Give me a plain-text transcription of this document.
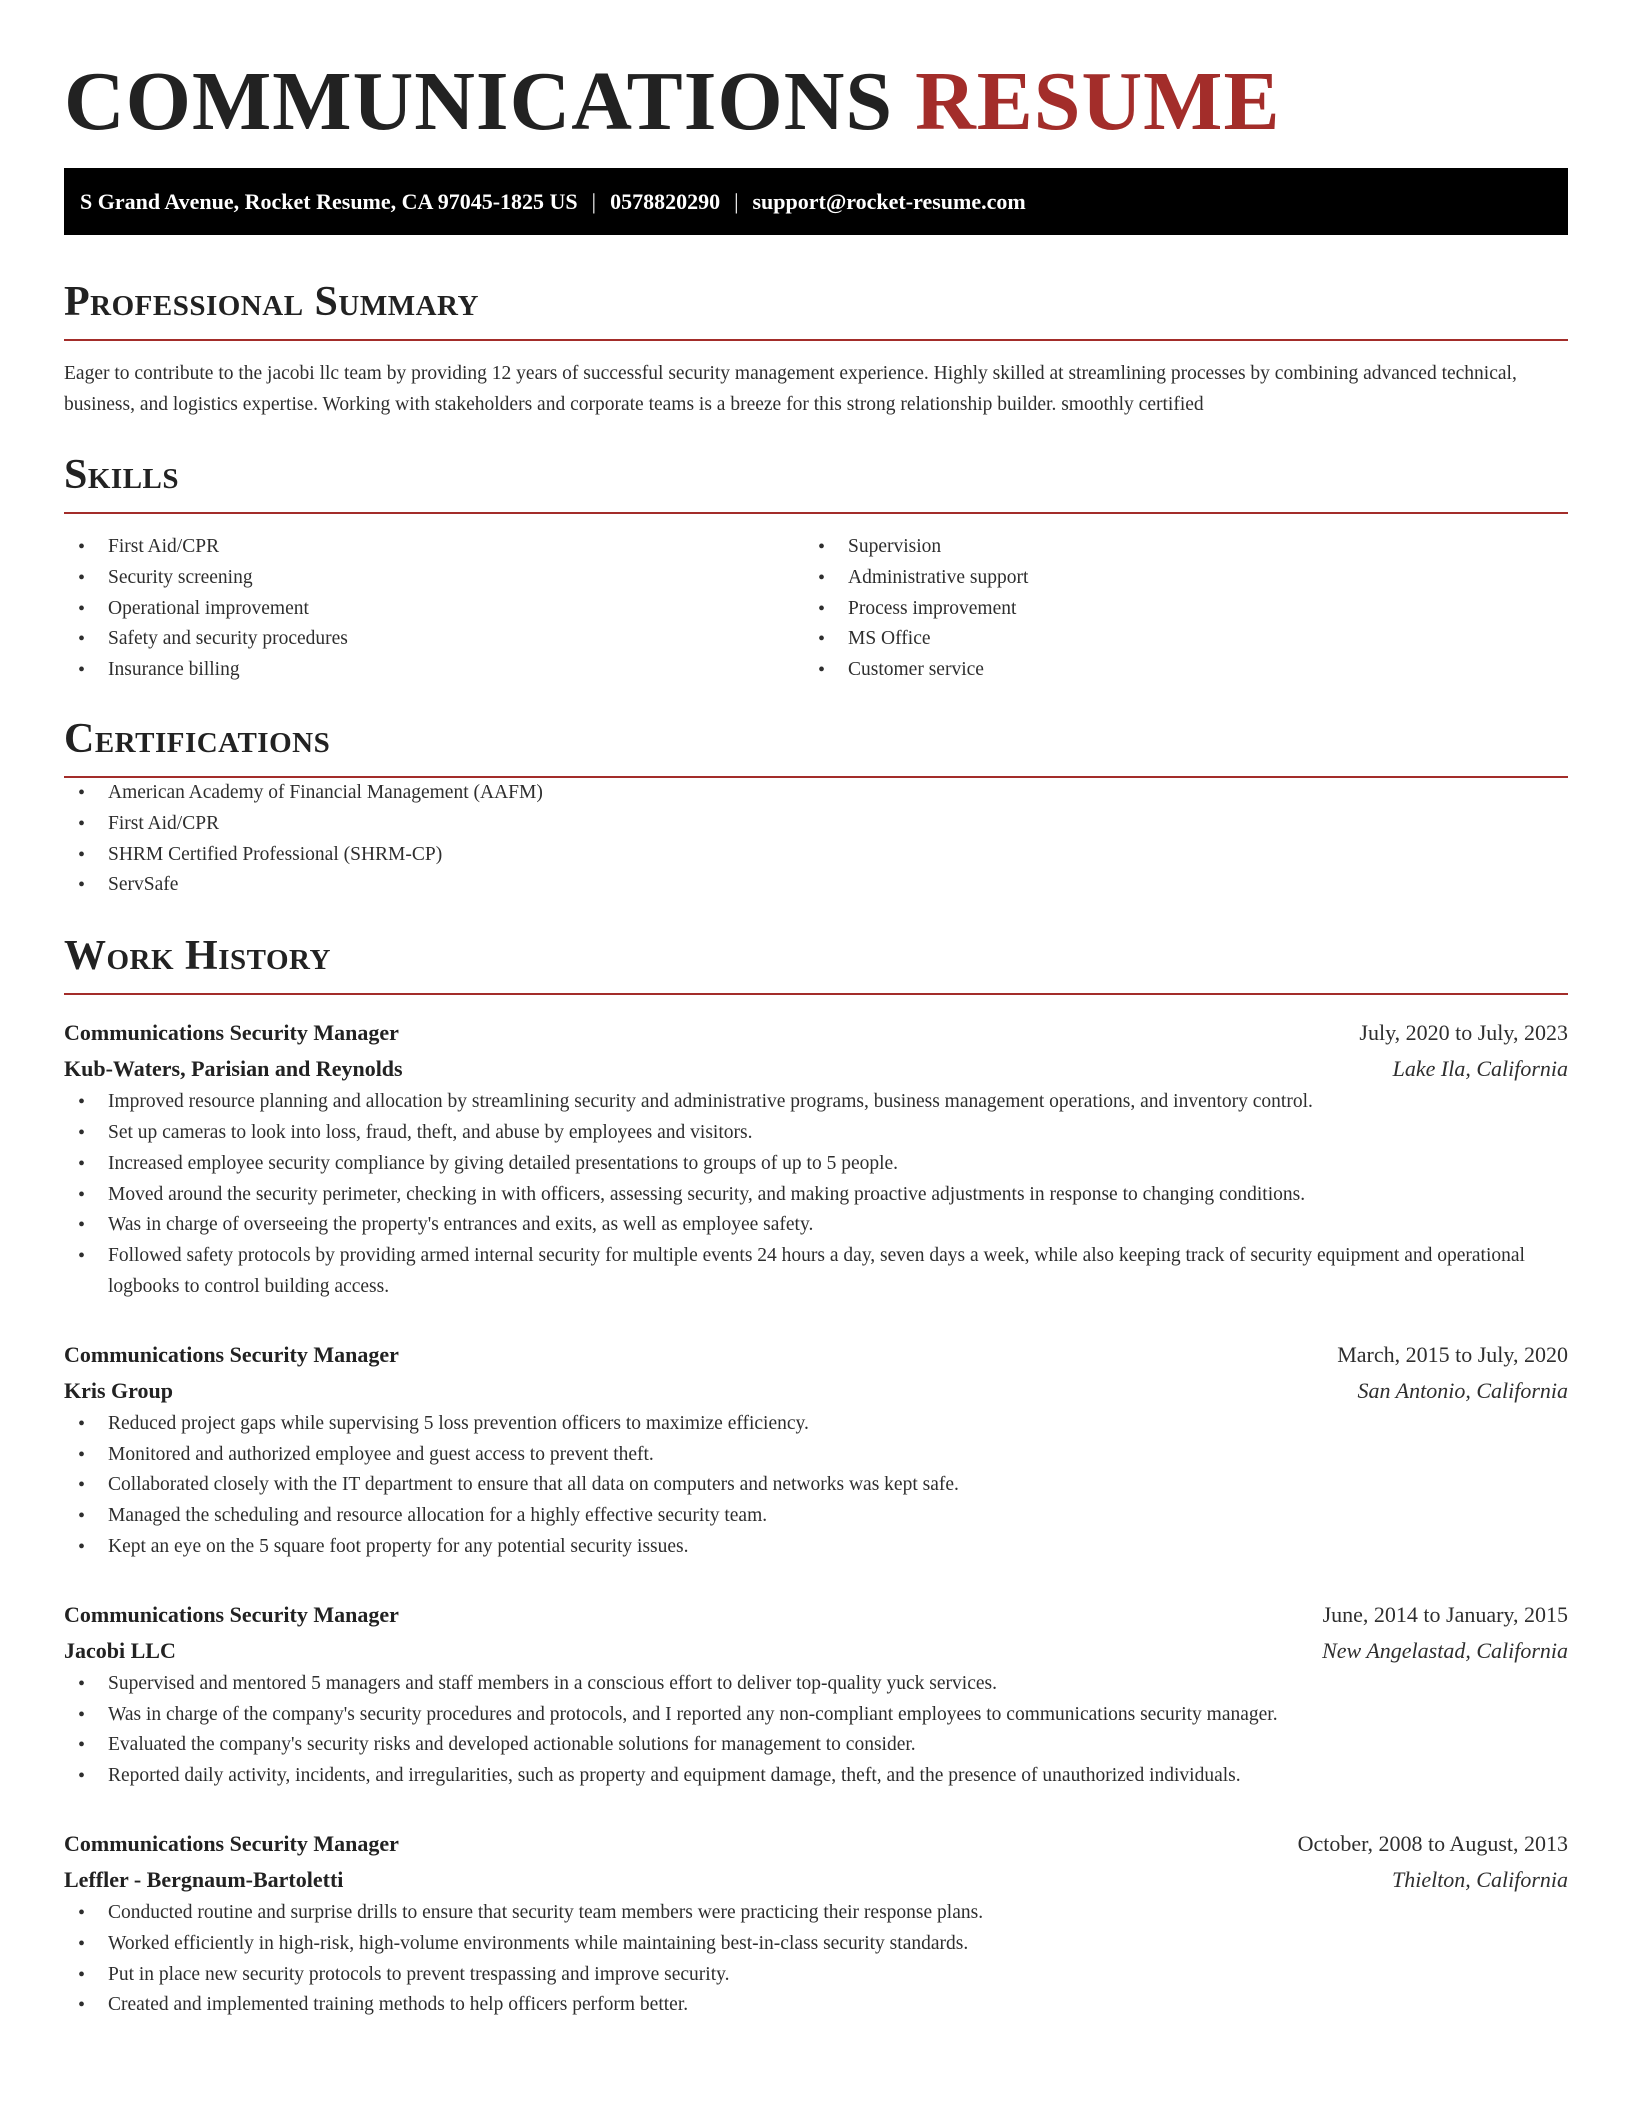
COMMUNICATIONS RESUME
S Grand Avenue, Rocket Resume, CA 97045-1825 US | 0578820290 | support@rocket-resume.com
Professional Summary

Eager to contribute to the jacobi llc team by providing 12 years of successful security management experience. Highly skilled at streamlining processes by combining advanced technical, business, and logistics expertise. Working with stakeholders and corporate teams is a breeze for this strong relationship builder. smoothly certified

Skills
• First Aid/CPR
• Security screening
• Operational improvement
• Safety and security procedures
• Insurance billing
• Supervision
• Administrative support
• Process improvement
• MS Office
• Customer service
Certifications
• American Academy of Financial Management (AAFM)
• First Aid/CPR
• SHRM Certified Professional (SHRM-CP)
• ServSafe
Work History
Communications Security Manager	July, 2020 to July, 2023
Kub-Waters, Parisian and Reynolds	Lake Ila, California
• Improved resource planning and allocation by streamlining security and administrative programs, business management operations, and inventory control.
• Set up cameras to look into loss, fraud, theft, and abuse by employees and visitors.
• Increased employee security compliance by giving detailed presentations to groups of up to 5 people.
• Moved around the security perimeter, checking in with officers, assessing security, and making proactive adjustments in response to changing conditions.
• Was in charge of overseeing the property's entrances and exits, as well as employee safety.
• Followed safety protocols by providing armed internal security for multiple events 24 hours a day, seven days a week, while also keeping track of security equipment and operational logbooks to control building access.
Communications Security Manager	March, 2015 to July, 2020
Kris Group	San Antonio, California
• Reduced project gaps while supervising 5 loss prevention officers to maximize efficiency.
• Monitored and authorized employee and guest access to prevent theft.
• Collaborated closely with the IT department to ensure that all data on computers and networks was kept safe.
• Managed the scheduling and resource allocation for a highly effective security team.
• Kept an eye on the 5 square foot property for any potential security issues.
Communications Security Manager	June, 2014 to January, 2015
Jacobi LLC	New Angelastad, California
• Supervised and mentored 5 managers and staff members in a conscious effort to deliver top-quality yuck services.
• Was in charge of the company's security procedures and protocols, and I reported any non-compliant employees to communications security manager.
• Evaluated the company's security risks and developed actionable solutions for management to consider.
• Reported daily activity, incidents, and irregularities, such as property and equipment damage, theft, and the presence of unauthorized individuals.
Communications Security Manager	October, 2008 to August, 2013
Leffler - Bergnaum-Bartoletti	Thielton, California
• Conducted routine and surprise drills to ensure that security team members were practicing their response plans.
• Worked efficiently in high-risk, high-volume environments while maintaining best-in-class security standards.
• Put in place new security protocols to prevent trespassing and improve security.
• Created and implemented training methods to help officers perform better.
